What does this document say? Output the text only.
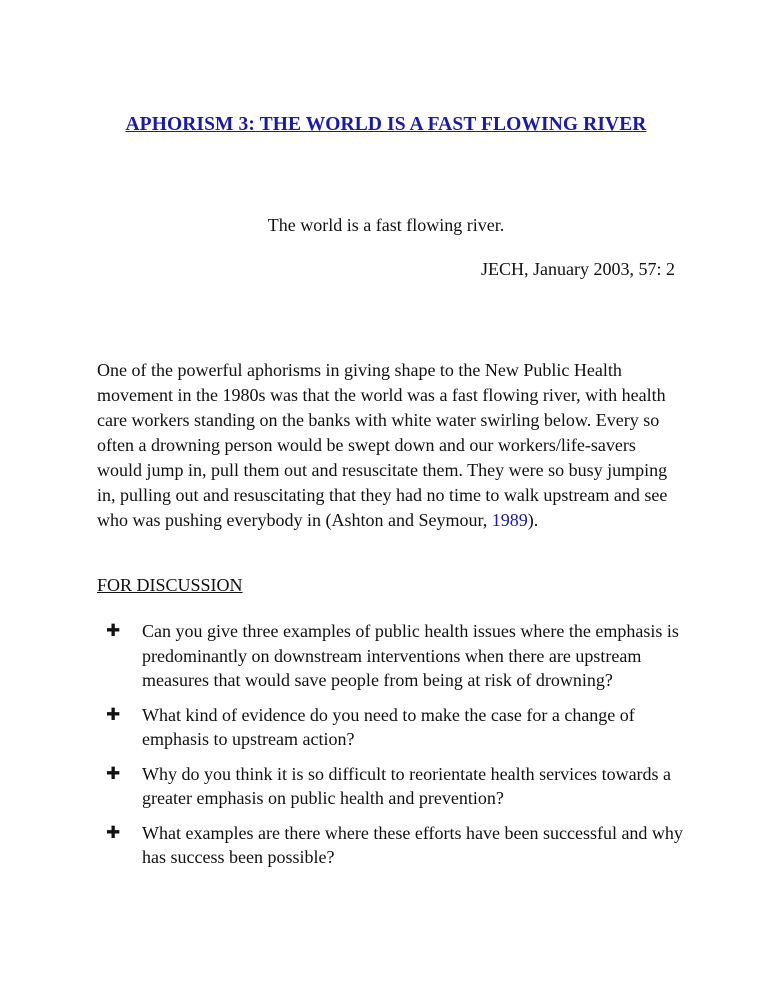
APHORISM 3: THE WORLD IS A FAST FLOWING RIVER
The world is a fast flowing river.
JECH, January 2003, 57: 2

One of the powerful aphorisms in giving shape to the New Public Health movement in the 1980s was that the world was a fast flowing river, with health care workers standing on the banks with white water swirling below. Every so often a drowning person would be swept down and our workers/life-savers would jump in, pull them out and resuscitate them. They were so busy jumping in, pulling out and resuscitating that they had no time to walk upstream and see who was pushing everybody in (Ashton and Seymour, 1989).

FOR DISCUSSION
✚ Can you give three examples of public health issues where the emphasis is predominantly on downstream interventions when there are upstream measures that would save people from being at risk of drowning?
✚ What kind of evidence do you need to make the case for a change of emphasis to upstream action?
✚ Why do you think it is so difficult to reorientate health services towards a greater emphasis on public health and prevention?
✚ What examples are there where these efforts have been successful and why has success been possible?
